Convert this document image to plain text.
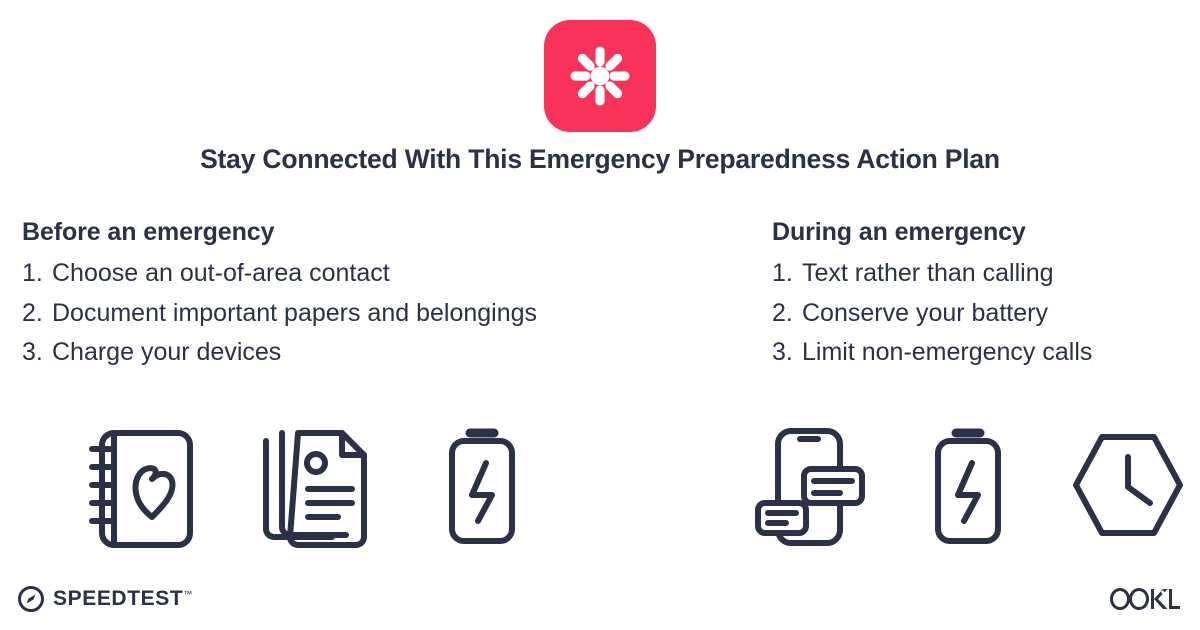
Stay Connected With This Emergency Preparedness Action Plan
Before an emergency
1. Choose an out-of-area contact
2. Document important papers and belongings
3. Charge your devices
During an emergency
1. Text rather than calling
2. Conserve your battery
3. Limit non-emergency calls
SPEEDTEST™
